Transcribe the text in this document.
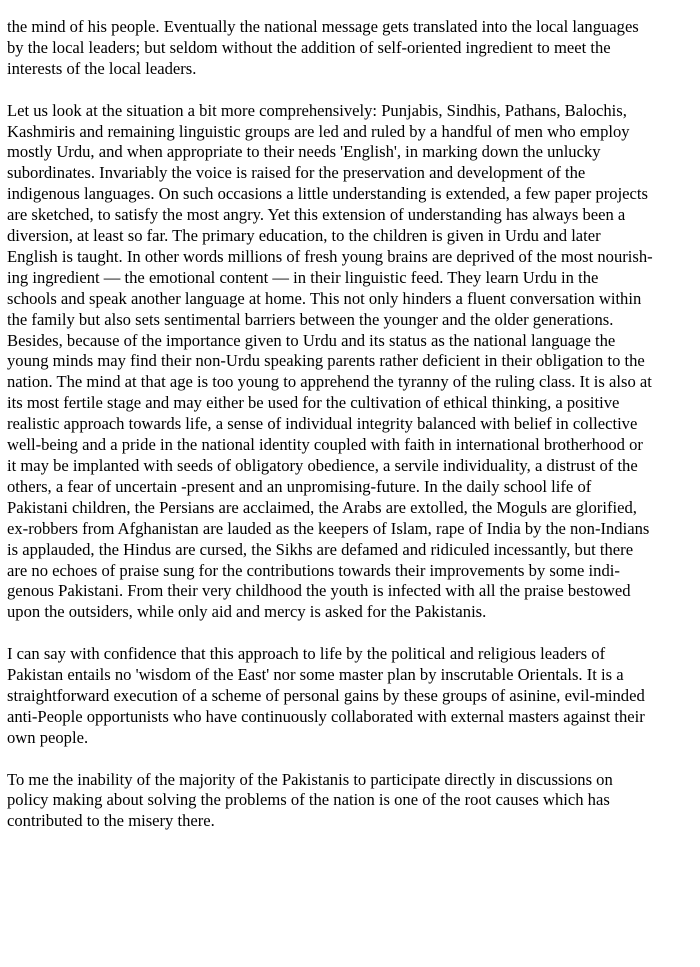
the mind of his people. Eventually the national message gets translated into the local languages
by the local leaders; but seldom without the addition of self-oriented ingredient to meet the
interests of the local leaders.

Let us look at the situation a bit more comprehensively: Punjabis, Sindhis, Pathans, Balochis,
Kashmiris and remaining linguistic groups are led and ruled by a handful of men who employ
mostly Urdu, and when appropriate to their needs 'English', in marking down the unlucky
subordinates. Invariably the voice is raised for the preservation and development of the
indigenous languages. On such occasions a little understanding is extended, a few paper projects
are sketched, to satisfy the most angry. Yet this extension of understanding has always been a
diversion, at least so far. The primary education, to the children is given in Urdu and later
English is taught. In other words millions of fresh young brains are deprived of the most nourish-
ing ingredient — the emotional content — in their linguistic feed. They learn Urdu in the
schools and speak another language at home. This not only hinders a fluent conversation within
the family but also sets sentimental barriers between the younger and the older generations.
Besides, because of the importance given to Urdu and its status as the national language the
young minds may find their non-Urdu speaking parents rather deficient in their obligation to the
nation. The mind at that age is too young to apprehend the tyranny of the ruling class. It is also at
its most fertile stage and may either be used for the cultivation of ethical thinking, a positive
realistic approach towards life, a sense of individual integrity balanced with belief in collective
well-being and a pride in the national identity coupled with faith in international brotherhood or
it may be implanted with seeds of obligatory obedience, a servile individuality, a distrust of the
others, a fear of uncertain -present and an unpromising-future. In the daily school life of
Pakistani children, the Persians are acclaimed, the Arabs are extolled, the Moguls are glorified,
ex-robbers from Afghanistan are lauded as the keepers of Islam, rape of India by the non-Indians
is applauded, the Hindus are cursed, the Sikhs are defamed and ridiculed incessantly, but there
are no echoes of praise sung for the contributions towards their improvements by some indi-
genous Pakistani. From their very childhood the youth is infected with all the praise bestowed
upon the outsiders, while only aid and mercy is asked for the Pakistanis.

I can say with confidence that this approach to life by the political and religious leaders of
Pakistan entails no 'wisdom of the East' nor some master plan by inscrutable Orientals. It is a
straightforward execution of a scheme of personal gains by these groups of asinine, evil-minded
anti-People opportunists who have continuously collaborated with external masters against their
own people.

To me the inability of the majority of the Pakistanis to participate directly in discussions on
policy making about solving the problems of the nation is one of the root causes which has
contributed to the misery there.
